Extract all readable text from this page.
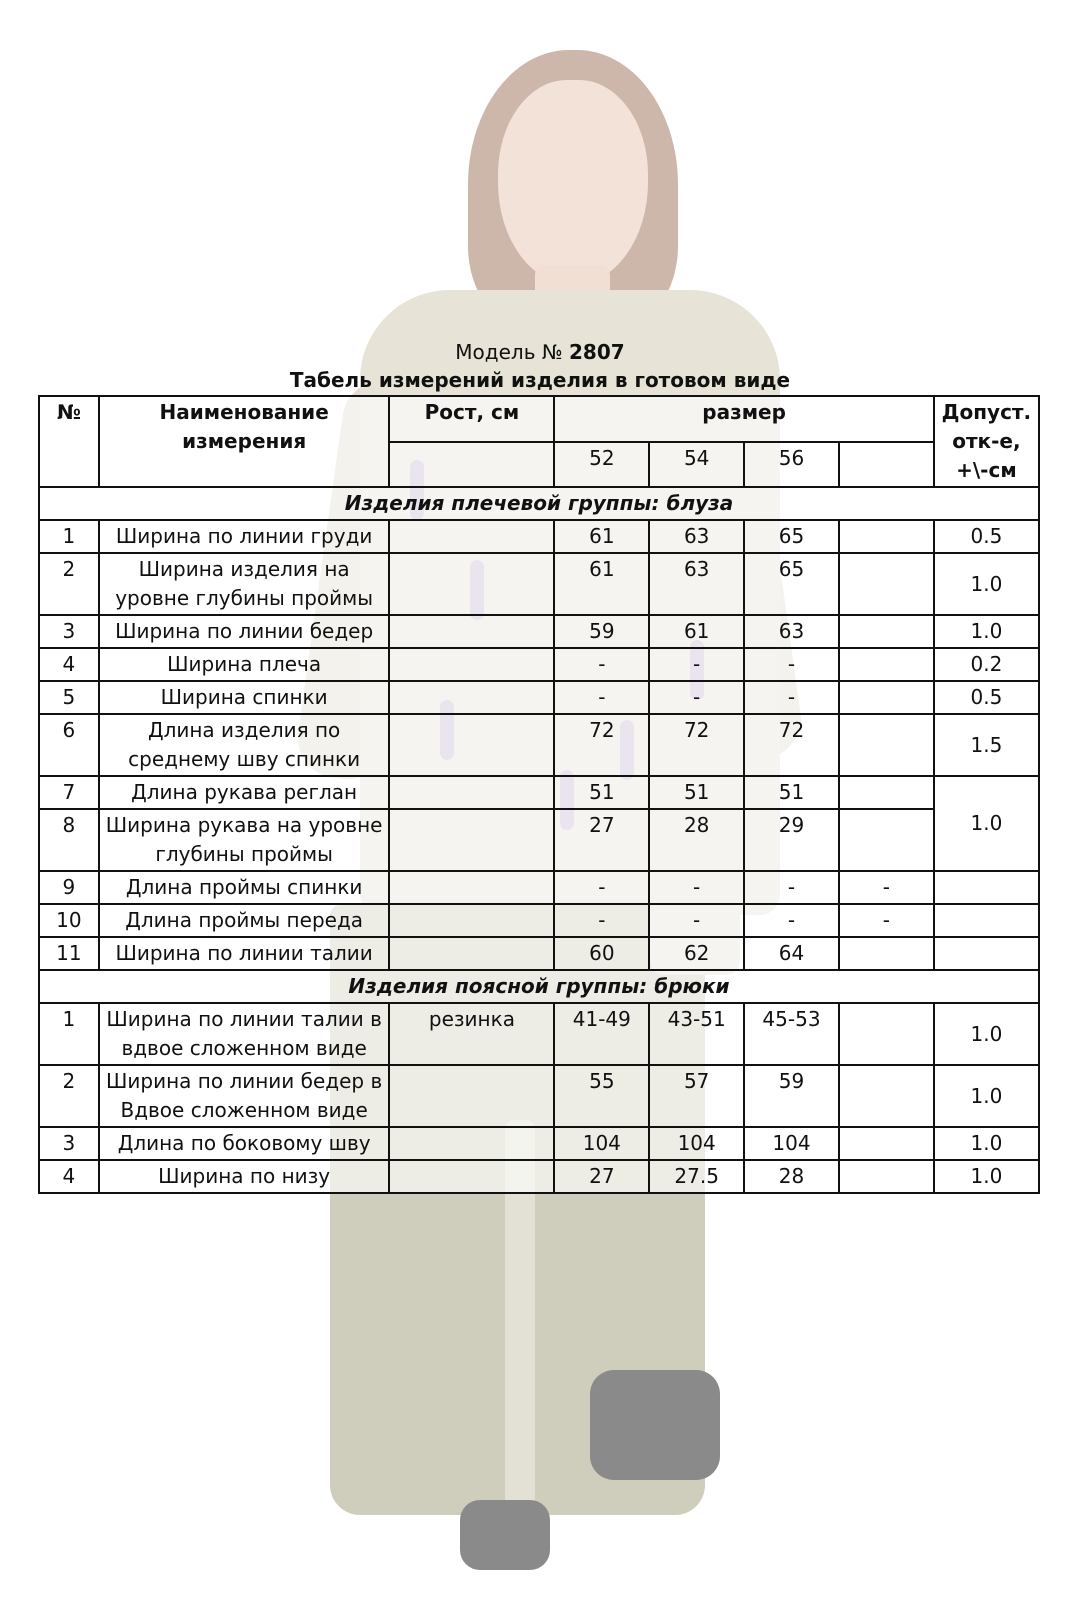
Модель № 2807
Табель измерений изделия в готовом виде
№	Наименование измерения	Рост, см	размер				Допуст. отк-е, +\-см
			52	54	56		
Изделия плечевой группы: блуза							
1	Ширина по линии груди		61	63	65		0.5
2	Ширина изделия на уровне глубины проймы		61	63	65		1.0
3	Ширина по линии бедер		59	61	63		1.0
4	Ширина плеча		-	-	-		0.2
5	Ширина спинки		-	-	-		0.5
6	Длина изделия по среднему шву спинки		72	72	72		1.5
7	Длина рукава реглан		51	51	51		1.0
8	Ширина рукава на уровне глубины проймы		27	28	29		
9	Длина проймы спинки		-	-	-	-	
10	Длина проймы переда		-	-	-	-	
11	Ширина по линии талии		60	62	64		
Изделия поясной группы: брюки							
1	Ширина по линии талии в вдвое сложенном виде	резинка	41-49	43-51	45-53		1.0
2	Ширина по линии бедер в Вдвое сложенном виде		55	57	59		1.0
3	Длина по боковому шву		104	104	104		1.0
4	Ширина по низу		27	27.5	28		1.0
